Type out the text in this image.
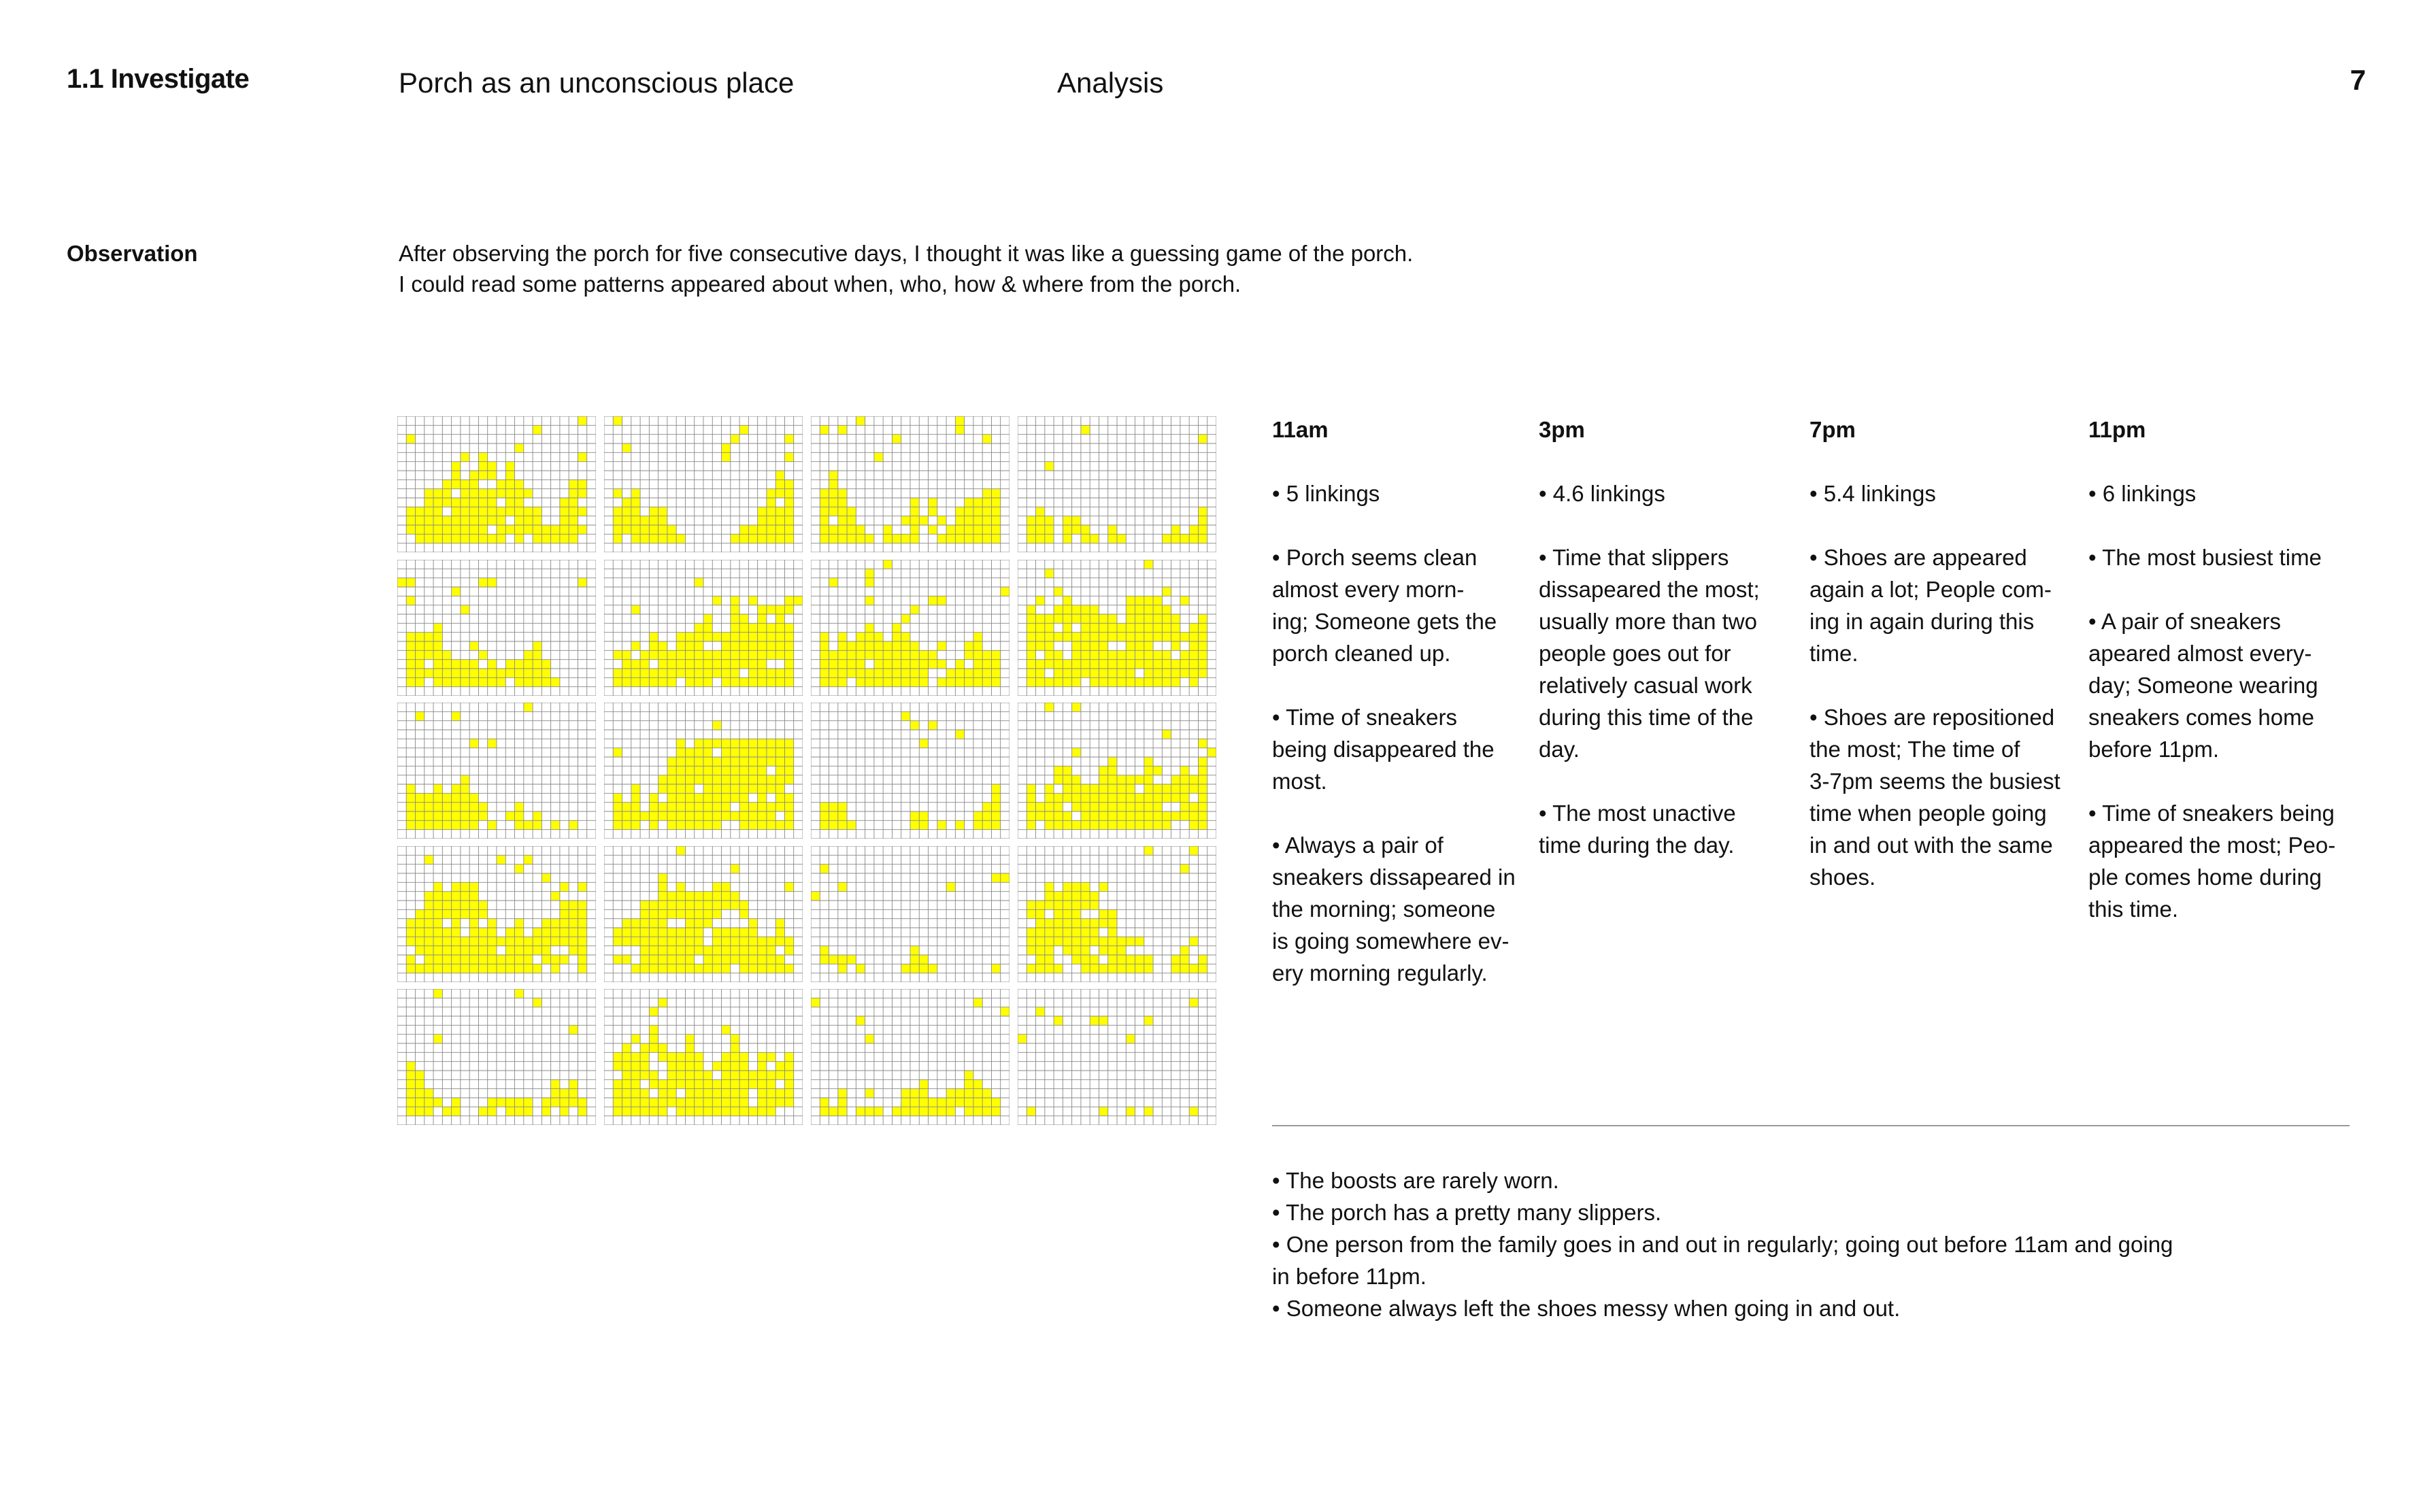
1.1 Investigate	Porch as an unconscious place	Analysis	7
Observation	After observing the porch for five consecutive days, I thought it was like a guessing game of the porch.
I could read some patterns appeared about when, who, how & where from the porch.
11am

• 5 linkings

• Porch seems clean
almost every morn-
ing; Someone gets the
porch cleaned up.

• Time of sneakers
being disappeared the
most.

• Always a pair of
sneakers dissapeared in
the morning; someone
is going somewhere ev-
ery morning regularly.

3pm

• 4.6 linkings

• Time that slippers
dissapeared the most;
usually more than two
people goes out for
relatively casual work
during this time of the
day.

• The most unactive
time during the day.

7pm

• 5.4 linkings

• Shoes are appeared
again a lot; People com-
ing in again during this
time.

• Shoes are repositioned
the most; The time of
3-7pm seems the busiest
time when people going
in and out with the same
shoes.

11pm

• 6 linkings

• The most busiest time

• A pair of sneakers
apeared almost every-
day; Someone wearing
sneakers comes home
before 11pm.

• Time of sneakers being
appeared the most; Peo-
ple comes home during
this time.

• The boosts are rarely worn.
• The porch has a pretty many slippers.
• One person from the family goes in and out in regularly; going out before 11am and going
in before 11pm.
• Someone always left the shoes messy when going in and out.
